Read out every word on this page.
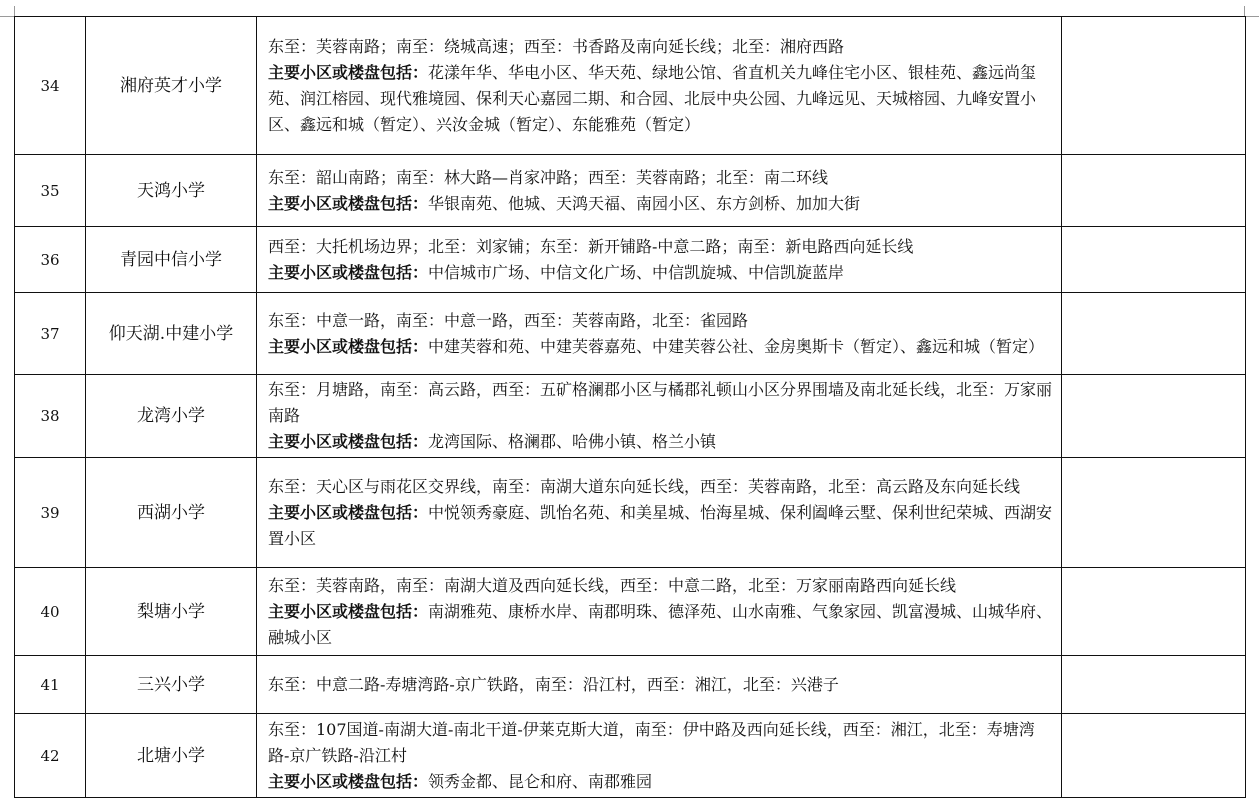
34	湘府英才小学	东至：芙蓉南路；南至：绕城高速；西至：书香路及南向延长线；北至：湘府西路
主要小区或楼盘包括：花漾年华、华电小区、华天苑、绿地公馆、省直机关九峰住宅小区、银桂苑、鑫远尚玺苑、润江榕园、现代雅境园、保利天心嘉园二期、和合园、北辰中央公园、九峰远见、天城榕园、九峰安置小区、鑫远和城（暂定）、兴汝金城（暂定）、东能雅苑（暂定）	
35	天鸿小学	东至：韶山南路；南至：林大路—肖家冲路；西至：芙蓉南路；北至：南二环线
主要小区或楼盘包括：华银南苑、他城、天鸿天福、南园小区、东方剑桥、加加大街	
36	青园中信小学	西至：大托机场边界；北至：刘家铺；东至：新开铺路-中意二路；南至：新电路西向延长线
主要小区或楼盘包括：中信城市广场、中信文化广场、中信凯旋城、中信凯旋蓝岸	
37	仰天湖.中建小学	东至：中意一路，南至：中意一路，西至：芙蓉南路，北至：雀园路
主要小区或楼盘包括：中建芙蓉和苑、中建芙蓉嘉苑、中建芙蓉公社、金房奥斯卡（暂定）、鑫远和城（暂定）	
38	龙湾小学	东至：月塘路，南至：高云路，西至：五矿格澜郡小区与橘郡礼顿山小区分界围墙及南北延长线，北至：万家丽南路
主要小区或楼盘包括：龙湾国际、格澜郡、哈佛小镇、格兰小镇	
39	西湖小学	东至：天心区与雨花区交界线，南至：南湖大道东向延长线，西至：芙蓉南路，北至：高云路及东向延长线
主要小区或楼盘包括：中悦领秀豪庭、凯怡名苑、和美星城、怡海星城、保利阖峰云墅、保利世纪荣城、西湖安置小区	
40	梨塘小学	东至：芙蓉南路，南至：南湖大道及西向延长线，西至：中意二路，北至：万家丽南路西向延长线
主要小区或楼盘包括：南湖雅苑、康桥水岸、南郡明珠、德泽苑、山水南雅、气象家园、凯富漫城、山城华府、融城小区	
41	三兴小学	东至：中意二路-寿塘湾路-京广铁路，南至：沿江村，西至：湘江，北至：兴港子	

42	北塘小学	东至：107国道-南湖大道-南北干道-伊莱克斯大道，南至：伊中路及西向延长线，西至：湘江，北至：寿塘湾路-京广铁路-沿江村
主要小区或楼盘包括：领秀金都、昆仑和府、南郡雅园	
